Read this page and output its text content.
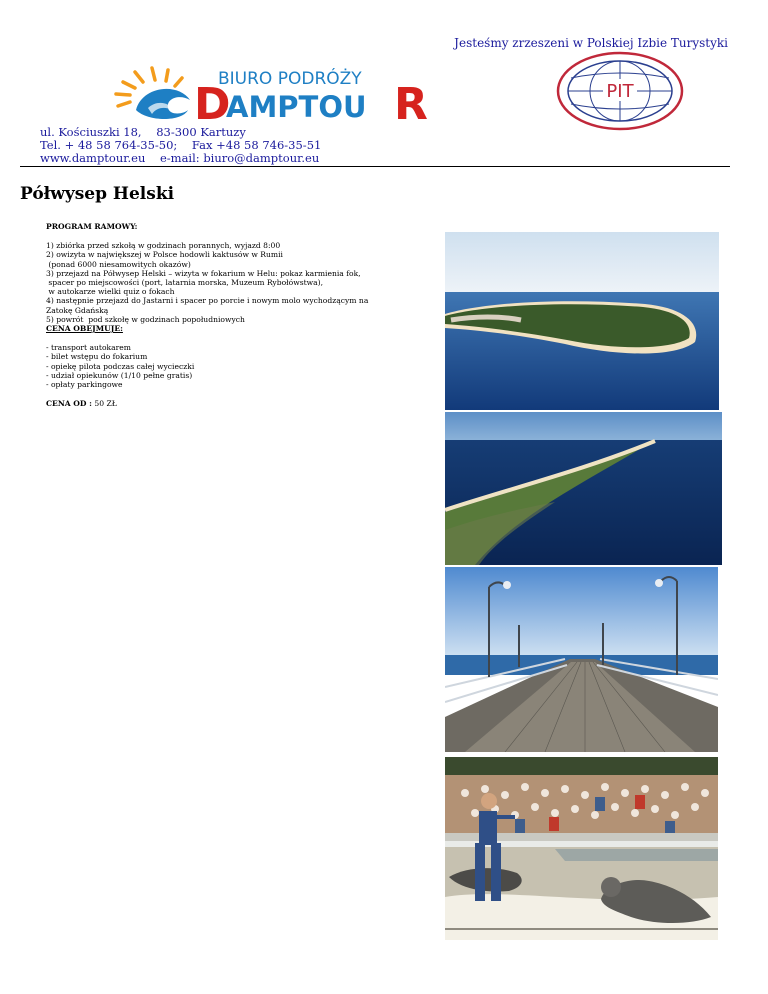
Jesteśmy zrzeszeni w Polskiej Izbie Turystyki
BIURO PODRÓŻY
D
AMPTOU R	PIT
ul. Kościuszki 18,    83-300 Kartuzy
Tel. + 48 58 764-35-50;    Fax +48 58 746-35-51
www.damptour.eu    e-mail: biuro@damptour.eu
Półwysep Helski
PROGRAM RAMOWY:
1) zbiórka przed szkołą w godzinach porannych, wyjazd 8:00
2) owizyta w największej w Polsce hodowli kaktusów w Rumii
(ponad 6000 niesamowitych okazów)
3) przejazd na Półwysep Helski – wizyta w fokarium w Helu: pokaz karmienia fok,
spacer po miejscowości (port, latarnia morska, Muzeum Rybołówstwa),
w autokarze wielki quiz o fokach
4) następnie przejazd do Jastarni i spacer po porcie i nowym molo wychodzącym na
Zatokę Gdańską
5) powrót  pod szkołę w godzinach popołudniowych
CENA OBEJMUJE:
- transport autokarem
- bilet wstępu do fokarium
- opiekę pilota podczas całej wycieczki
- udział opiekunów (1/10 pełne gratis)
- opłaty parkingowe
CENA OD : 50 ZŁ
